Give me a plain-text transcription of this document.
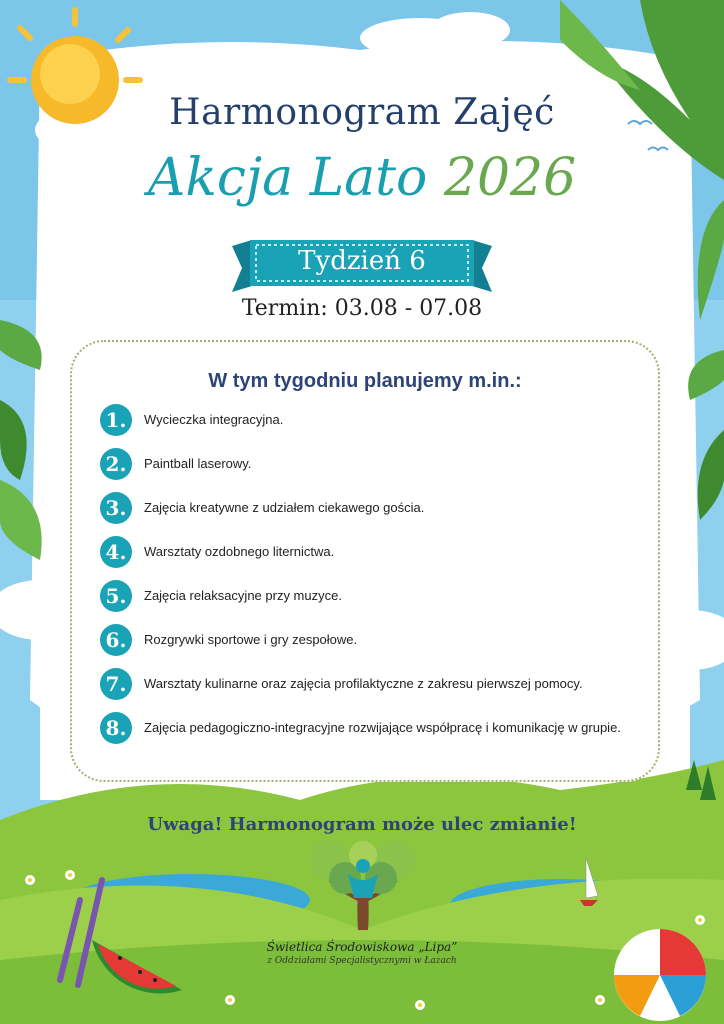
Harmonogram Zajęć
Akcja Lato 2026
Tydzień 6
Termin: 03.08 - 07.08
W tym tygodniu planujemy m.in.:
1.	Wycieczka integracyjna.
2.	Paintball laserowy.
3.	Zajęcia kreatywne z udziałem ciekawego gościa.
4.	Warsztaty ozdobnego liternictwa.
5.	Zajęcia relaksacyjne przy muzyce.
6.	Rozgrywki sportowe i gry zespołowe.
7.	Warsztaty kulinarne oraz zajęcia profilaktyczne z zakresu pierwszej pomocy.
8.	Zajęcia pedagogiczno-integracyjne rozwijające współpracę i komunikację w grupie.
Uwaga! Harmonogram może ulec zmianie!
Świetlica Środowiskowa „Lipa”
z Oddziałami Specjalistycznymi w Łazach
